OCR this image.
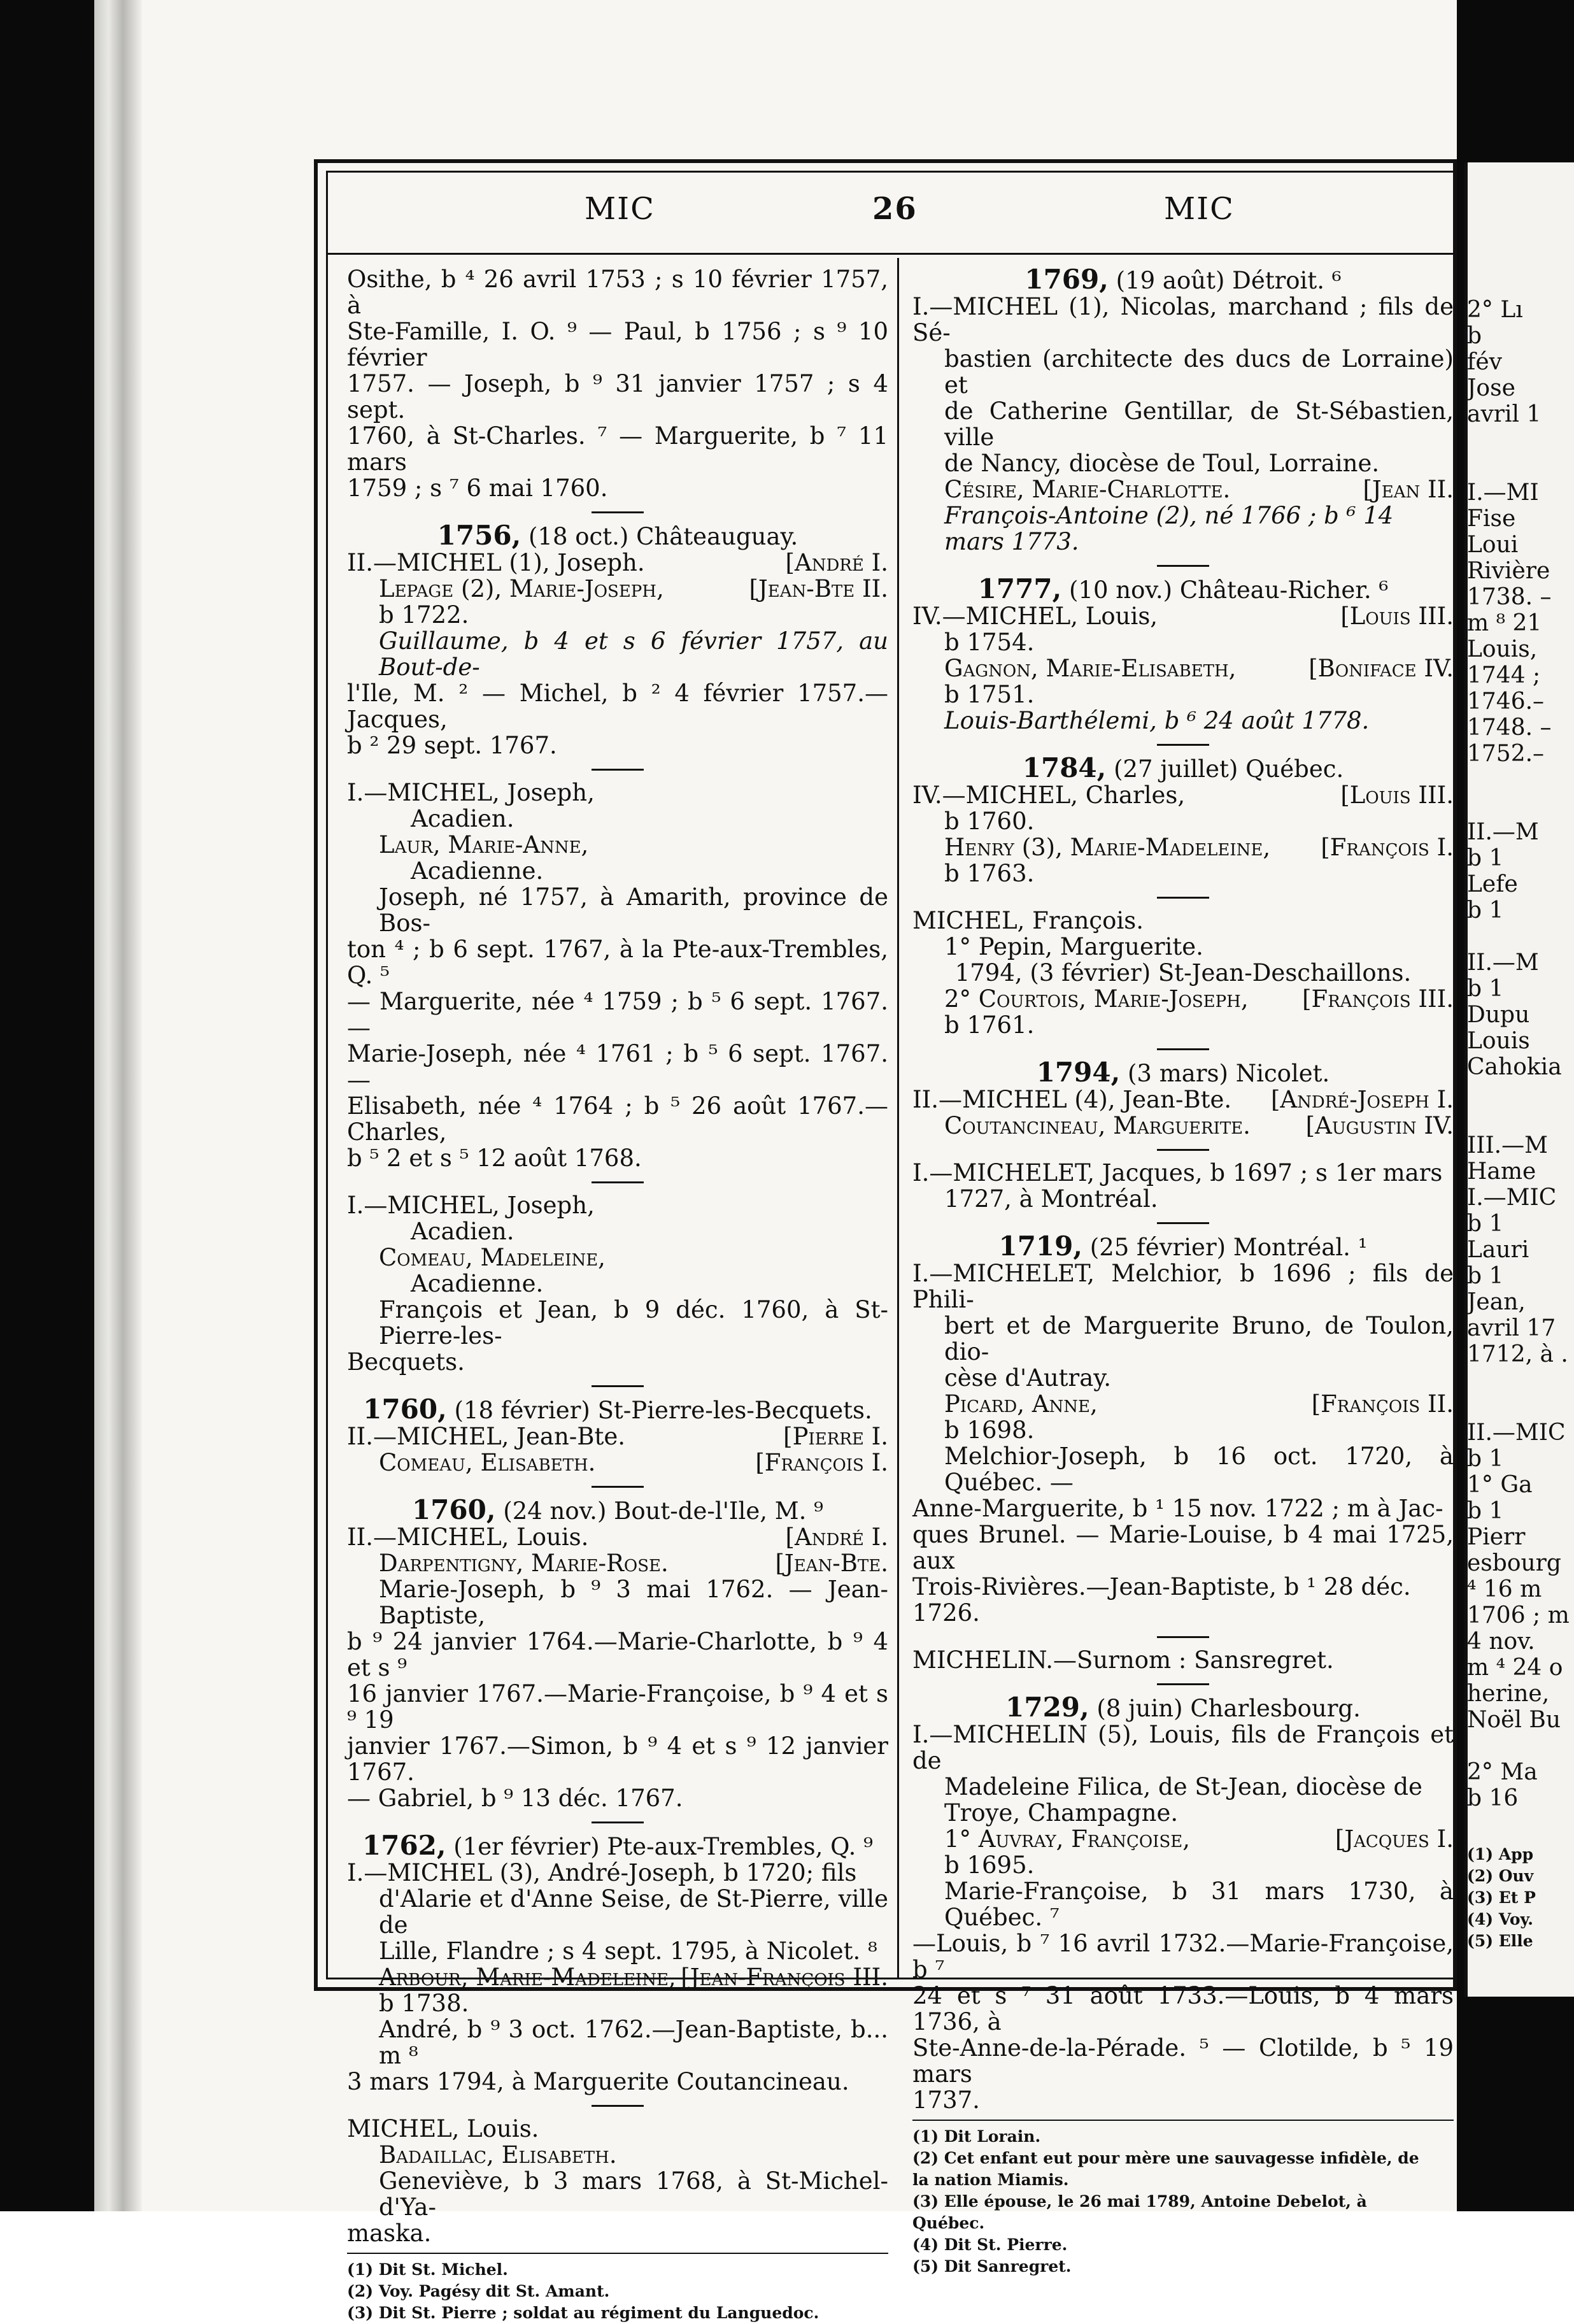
MIC	26	MIC

Osithe, b ⁴ 26 avril 1753 ; s 10 février 1757, à

Ste-Famille, I. O. ⁹ — Paul, b 1756 ; s ⁹ 10 février

1757. — Joseph, b ⁹ 31 janvier 1757 ; s 4 sept.

1760, à St-Charles. ⁷ — Marguerite, b ⁷ 11 mars

1759 ; s ⁷ 6 mai 1760.

1756, (18 oct.) Châteauguay.

II.—MICHEL (1), Joseph.	[André I.

Lepage (2), Marie-Joseph,	[Jean-Bte II.

b 1722.

Guillaume, b 4 et s 6 février 1757, au Bout-de-

l'Ile, M. ² — Michel, b ² 4 février 1757.—Jacques,

b ² 29 sept. 1767.

I.—MICHEL, Joseph,

Acadien.

Laur, Marie-Anne,

Acadienne.

Joseph, né 1757, à Amarith, province de Bos-

ton ⁴ ; b 6 sept. 1767, à la Pte-aux-Trembles, Q. ⁵

— Marguerite, née ⁴ 1759 ; b ⁵ 6 sept. 1767. —

Marie-Joseph, née ⁴ 1761 ; b ⁵ 6 sept. 1767. —

Elisabeth, née ⁴ 1764 ; b ⁵ 26 août 1767.—Charles,

b ⁵ 2 et s ⁵ 12 août 1768.

I.—MICHEL, Joseph,

Acadien.

Comeau, Madeleine,

Acadienne.

François et Jean, b 9 déc. 1760, à St-Pierre-les-

Becquets.

1760, (18 février) St-Pierre-les-Becquets.

II.—MICHEL, Jean-Bte.	[Pierre I.

Comeau, Elisabeth.	[François I.

1760, (24 nov.) Bout-de-l'Ile, M. ⁹

II.—MICHEL, Louis.	[André I.

Darpentigny, Marie-Rose.	[Jean-Bte.

Marie-Joseph, b ⁹ 3 mai 1762. — Jean-Baptiste,

b ⁹ 24 janvier 1764.—Marie-Charlotte, b ⁹ 4 et s ⁹

16 janvier 1767.—Marie-Françoise, b ⁹ 4 et s ⁹ 19

janvier 1767.—Simon, b ⁹ 4 et s ⁹ 12 janvier 1767.

— Gabriel, b ⁹ 13 déc. 1767.

1762, (1er février) Pte-aux-Trembles, Q. ⁹

I.—MICHEL (3), André-Joseph, b 1720; fils

d'Alarie et d'Anne Seise, de St-Pierre, ville de

Lille, Flandre ; s 4 sept. 1795, à Nicolet. ⁸

Arbour, Marie-Madeleine, [Jean-François III.

b 1738.

André, b ⁹ 3 oct. 1762.—Jean-Baptiste, b... m ⁸

3 mars 1794, à Marguerite Coutancineau.

MICHEL, Louis.

Badaillac, Elisabeth.

Geneviève, b 3 mars 1768, à St-Michel-d'Ya-

maska.

(1) Dit St. Michel.

(2) Voy. Pagésy dit St. Amant.

(3) Dit St. Pierre ; soldat au régiment du Languedoc.

1769, (19 août) Détroit. ⁶

I.—MICHEL (1), Nicolas, marchand ; fils de Sé-

bastien (architecte des ducs de Lorraine) et

de Catherine Gentillar, de St-Sébastien, ville

de Nancy, diocèse de Toul, Lorraine.

Césire, Marie-Charlotte.	[Jean II.

François-Antoine (2), né 1766 ; b ⁶ 14 mars 1773.

1777, (10 nov.) Château-Richer. ⁶

IV.—MICHEL, Louis,	[Louis III.

b 1754.

Gagnon, Marie-Elisabeth,	[Boniface IV.

b 1751.

Louis-Barthélemi, b ⁶ 24 août 1778.

1784, (27 juillet) Québec.

IV.—MICHEL, Charles,	[Louis III.

b 1760.

Henry (3), Marie-Madeleine, [François I.

b 1763.

MICHEL, François.

1° Pepin, Marguerite.

1794, (3 février) St-Jean-Deschaillons.

2° Courtois, Marie-Joseph, [François III.

b 1761.

1794, (3 mars) Nicolet.

II.—MICHEL (4), Jean-Bte. [André-Joseph I.

Coutancineau, Marguerite. [Augustin IV.

I.—MICHELET, Jacques, b 1697 ; s 1er mars

1727, à Montréal.

1719, (25 février) Montréal. ¹

I.—MICHELET, Melchior, b 1696 ; fils de Phili-

bert et de Marguerite Bruno, de Toulon, dio-

cèse d'Autray.

Picard, Anne,	[François II.

b 1698.

Melchior-Joseph, b 16 oct. 1720, à Québec. —

Anne-Marguerite, b ¹ 15 nov. 1722 ; m à Jac-

ques Brunel. — Marie-Louise, b 4 mai 1725, aux

Trois-Rivières.—Jean-Baptiste, b ¹ 28 déc. 1726.

MICHELIN.—Surnom : Sansregret.

1729, (8 juin) Charlesbourg.

I.—MICHELIN (5), Louis, fils de François et de

Madeleine Filica, de St-Jean, diocèse de

Troye, Champagne.

1° Auvray, Françoise,	[Jacques I.

b 1695.

Marie-Françoise, b 31 mars 1730, à Québec. ⁷

—Louis, b ⁷ 16 avril 1732.—Marie-Françoise, b ⁷

24 et s ⁷ 31 août 1733.—Louis, b 4 mars 1736, à

Ste-Anne-de-la-Pérade. ⁵ — Clotilde, b ⁵ 19 mars

1737.

(1) Dit Lorain.

(2) Cet enfant eut pour mère une sauvagesse infidèle, de

la nation Miamis.

(3) Elle épouse, le 26 mai 1789, Antoine Debelot, à

Québec.

(4) Dit St. Pierre.

(5) Dit Sanregret.

2° Lı

b

fév

Jose

avril 1

I.—MI

Fise

Loui

Rivière

1738. –

m ⁸ 21

Louis,

1744 ;

1746.–

1748. –

1752.–

II.—M

b 1

Lefe

b 1

II.—M

b 1

Dupu

Louis

Cahokia

III.—M

Hame

I.—MIC

b 1

Lauri

b 1

Jean,

avril 17

1712, à .

II.—MIC

b 1

1° Ga

b 1

Pierr

esbourg

⁴ 16 m

1706 ; m

4 nov.

m ⁴ 24 o

herine,

Noël Bu

2° Ma

b 16

(1) App

(2) Ouv

(3) Et P

(4) Voy.

(5) Elle
